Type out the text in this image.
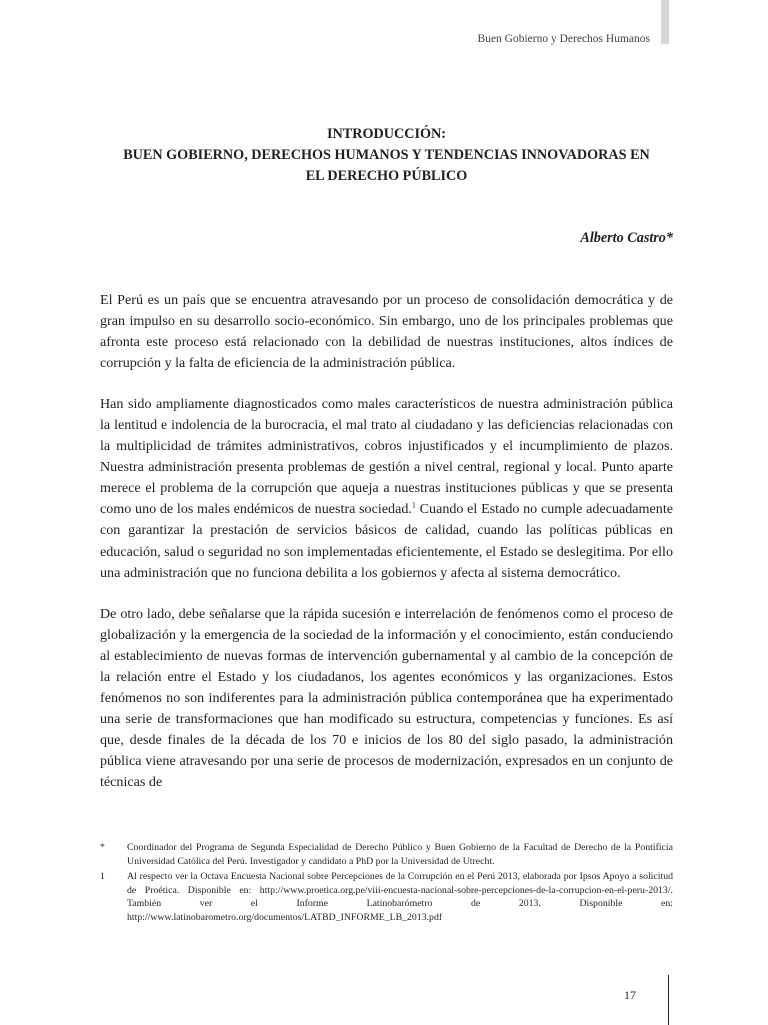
Buen Gobierno y Derechos Humanos
INTRODUCCIÓN:
BUEN GOBIERNO, DERECHOS HUMANOS Y TENDENCIAS INNOVADORAS EN
EL DERECHO PÚBLICO
Alberto Castro*

El Perú es un país que se encuentra atravesando por un proceso de consolidación democrática y de gran impulso en su desarrollo socio-económico. Sin embargo, uno de los principales problemas que afronta este proceso está relacionado con la debilidad de nuestras instituciones, altos índices de corrupción y la falta de eficiencia de la administración pública.

Han sido ampliamente diagnosticados como males característicos de nuestra administración pública la lentitud e indolencia de la burocracia, el mal trato al ciudadano y las deficiencias relacionadas con la multiplicidad de trámites administrativos, cobros injustificados y el incumplimiento de plazos. Nuestra administración presenta problemas de gestión a nivel central, regional y local. Punto aparte merece el problema de la corrupción que aqueja a nuestras instituciones públicas y que se presenta como uno de los males endémicos de nuestra sociedad.$^1$ Cuando el Estado no cumple adecuadamente con garantizar la prestación de servicios básicos de calidad, cuando las políticas públicas en educación, salud o seguridad no son implementadas eficientemente, el Estado se deslegitima. Por ello una administración que no funciona debilita a los gobiernos y afecta al sistema democrático.

De otro lado, debe señalarse que la rápida sucesión e interrelación de fenómenos como el proceso de globalización y la emergencia de la sociedad de la información y el conocimiento, están conduciendo al establecimiento de nuevas formas de intervención gubernamental y al cambio de la concepción de la relación entre el Estado y los ciudadanos, los agentes económicos y las organizaciones. Estos fenómenos no son indiferentes para la administración pública contemporánea que ha experimentado una serie de transformaciones que han modificado su estructura, competencias y funciones. Es así que, desde finales de la década de los 70 e inicios de los 80 del siglo pasado, la administración pública viene atravesando por una serie de procesos de modernización, expresados en un conjunto de técnicas de

*	Coordinador del Programa de Segunda Especialidad de Derecho Público y Buen Gobierno de la Facultad de Derecho de la Pontificia Universidad Católica del Perú. Investigador y candidato a PhD por la Universidad de Utrecht.
1	Al respecto ver la Octava Encuesta Nacional sobre Percepciones de la Corrupción en el Perú 2013, elaborada por Ipsos Apoyo a solicitud de Proética. Disponible en: http://www.proetica.org.pe/viii-encuesta-nacional-sobre-percepciones-de-la-corrupcion-en-el-peru-2013/. También ver el Informe Latinobarómetro de 2013. Disponible en: http://www.latinobarometro.org/documentos/LATBD_INFORME_LB_2013.pdf
17
